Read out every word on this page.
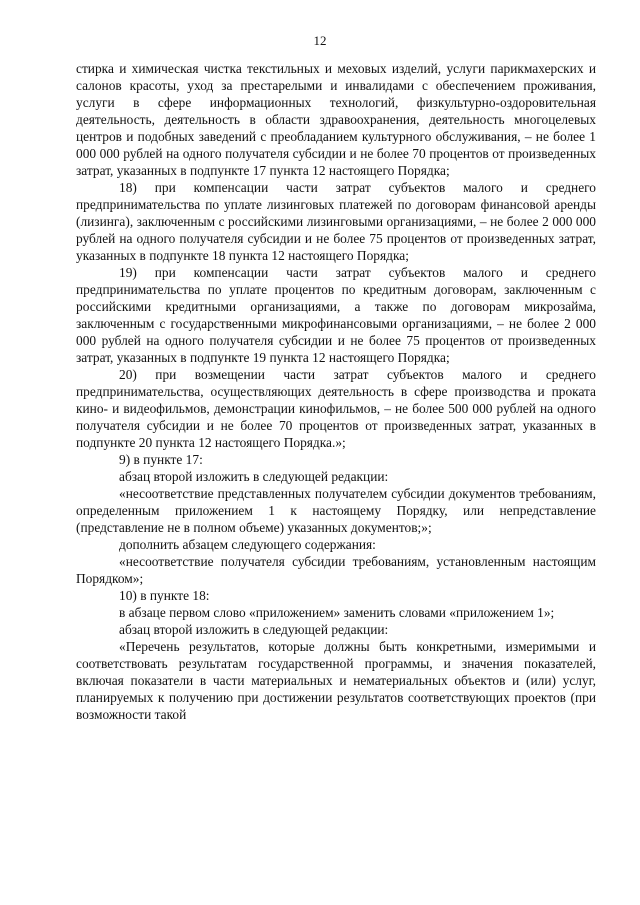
12

стирка и химическая чистка текстильных и меховых изделий, услуги парикмахерских и салонов красоты, уход за престарелыми и инвалидами с обеспечением проживания, услуги в сфере информационных технологий, физкультурно-оздоровительная деятельность, деятельность в области здравоохранения, деятельность многоцелевых центров и подобных заведений с преобладанием культурного обслуживания, – не более 1 000 000 рублей на одного получателя субсидии и не более 70 процентов от произведенных затрат, указанных в подпункте 17 пункта 12 настоящего Порядка;

18) при компенсации части затрат субъектов малого и среднего предпринимательства по уплате лизинговых платежей по договорам финансовой аренды (лизинга), заключенным с российскими лизинговыми организациями, – не более 2 000 000 рублей на одного получателя субсидии и не более 75 процентов от произведенных затрат, указанных в подпункте 18 пункта 12 настоящего Порядка;

19) при компенсации части затрат субъектов малого и среднего предпринимательства по уплате процентов по кредитным договорам, заключенным с российскими кредитными организациями, а также по договорам микрозайма, заключенным с государственными микрофинансовыми организациями, – не более 2 000 000 рублей на одного получателя субсидии и не более 75 процентов от произведенных затрат, указанных в подпункте 19 пункта 12 настоящего Порядка;

20) при возмещении части затрат субъектов малого и среднего предпринимательства, осуществляющих деятельность в сфере производства и проката кино- и видеофильмов, демонстрации кинофильмов, – не более 500 000 рублей на одного получателя субсидии и не более 70 процентов от произведенных затрат, указанных в подпункте 20 пункта 12 настоящего Порядка.»;

9) в пункте 17:

абзац второй изложить в следующей редакции:

«несоответствие представленных получателем субсидии документов требованиям, определенным приложением 1 к настоящему Порядку, или непредставление (представление не в полном объеме) указанных документов;»;

дополнить абзацем следующего содержания:

«несоответствие получателя субсидии требованиям, установленным настоящим Порядком»;

10) в пункте 18:

в абзаце первом слово «приложением» заменить словами «приложением 1»;

абзац второй изложить в следующей редакции:

«Перечень результатов, которые должны быть конкретными, измеримыми и соответствовать результатам государственной программы, и значения показателей, включая показатели в части материальных и нематериальных объектов и (или) услуг, планируемых к получению при достижении результатов соответствующих проектов (при возможности такой
